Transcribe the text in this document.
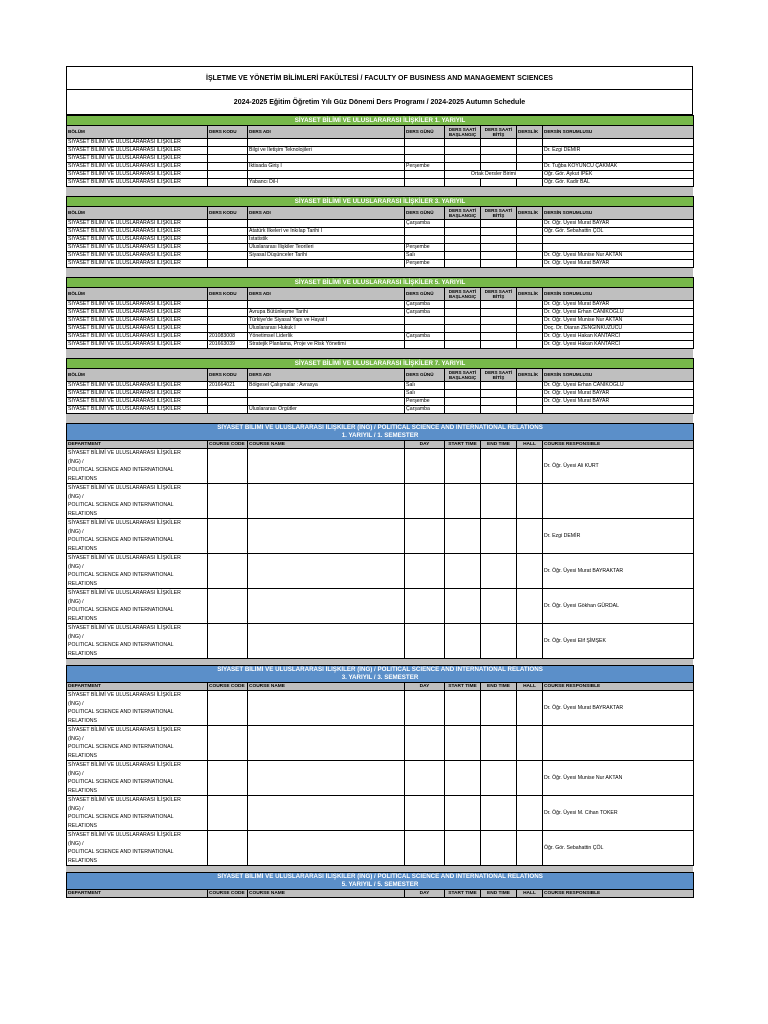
İŞLETME VE YÖNETİM BİLİMLERİ FAKÜLTESİ / FACULTY OF BUSINESS AND MANAGEMENT SCIENCES
2024-2025 Eğitim Öğretim Yılı Güz Dönemi Ders Programı / 2024-2025 Autumn Schedule
SİYASET BİLİMİ VE ULUSLARARASI İLİŞKİLER 1. YARIYIL							
BÖLÜM	DERS KODU	DERS ADI	DERS GÜNÜ	DERS SAATİ BAŞLANGIÇ	DERS SAATİ BİTİŞ	DERSLİK	DERSİN SORUMLUSU
SİYASET BİLİMİ VE ULUSLARARASI İLİŞKİLER							
SİYASET BİLİMİ VE ULUSLARARASI İLİŞKİLER		Bilgi ve İletişim Teknolojileri					Dr. Ezgi DEMİR
SİYASET BİLİMİ VE ULUSLARARASI İLİŞKİLER							
SİYASET BİLİMİ VE ULUSLARARASI İLİŞKİLER		İktisada Giriş I	Perşembe				Dr. Tuğba KOYUNCU ÇAKMAK
SİYASET BİLİMİ VE ULUSLARARASI İLİŞKİLER				Ortak Dersler Birimi			Öğr. Gör. Aykut İPEK
SİYASET BİLİMİ VE ULUSLARARASI İLİŞKİLER		Yabancı Dil-I					Öğr. Gör. Kadir BAL
SİYASET BİLİMİ VE ULUSLARARASI İLİŞKİLER 3. YARIYIL							
BÖLÜM	DERS KODU	DERS ADI	DERS GÜNÜ	DERS SAATİ BAŞLANGIÇ	DERS SAATİ BİTİŞ	DERSLİK	DERSİN SORUMLUSU
SİYASET BİLİMİ VE ULUSLARARASI İLİŞKİLER			Çarşamba				Dr. Öğr. Üyesi Murat BAYAR
SİYASET BİLİMİ VE ULUSLARARASI İLİŞKİLER		Atatürk İlkeleri ve İnkılap Tarihi I					Öğr. Gör. Sebahattin ÇÖL
SİYASET BİLİMİ VE ULUSLARARASI İLİŞKİLER		İstatistik					
SİYASET BİLİMİ VE ULUSLARARASI İLİŞKİLER		Uluslararası İlişkiler Teorileri	Perşembe				
SİYASET BİLİMİ VE ULUSLARARASI İLİŞKİLER		Siyasal Düşünceler Tarihi	Salı				Dr. Öğr. Üyesi Munise Nur AKTAN
SİYASET BİLİMİ VE ULUSLARARASI İLİŞKİLER			Perşembe				Dr. Öğr. Üyesi Murat BAYAR
SİYASET BİLİMİ VE ULUSLARARASI İLİŞKİLER 5. YARIYIL							
BÖLÜM	DERS KODU	DERS ADI	DERS GÜNÜ	DERS SAATİ BAŞLANGIÇ	DERS SAATİ BİTİŞ	DERSLİK	DERSİN SORUMLUSU
SİYASET BİLİMİ VE ULUSLARARASI İLİŞKİLER			Çarşamba				Dr. Öğr. Üyesi Murat BAYAR
SİYASET BİLİMİ VE ULUSLARARASI İLİŞKİLER		Avrupa Bütünleşme Tarihi	Çarşamba				Dr. Öğr. Üyesi Erhan CANİKOĞLU
SİYASET BİLİMİ VE ULUSLARARASI İLİŞKİLER		Türkiye'de Siyasal Yapı ve Hayat I					Dr. Öğr. Üyesi Munise Nur AKTAN
SİYASET BİLİMİ VE ULUSLARARASI İLİŞKİLER		Uluslararası Hukuk I					Doç. Dr. Diaran ZENGİNKUZUCU
SİYASET BİLİMİ VE ULUSLARARASI İLİŞKİLER	201083008	Yönetimsel Liderlik	Çarşamba				Dr. Öğr. Üyesi Hakan KANTARCI
SİYASET BİLİMİ VE ULUSLARARASI İLİŞKİLER	201663039	Stratejik Planlama, Proje ve Risk Yönetimi					Dr. Öğr. Üyesi Hakan KANTARCI
SİYASET BİLİMİ VE ULUSLARARASI İLİŞKİLER 7. YARIYIL							
BÖLÜM	DERS KODU	DERS ADI	DERS GÜNÜ	DERS SAATİ BAŞLANGIÇ	DERS SAATİ BİTİŞ	DERSLİK	DERSİN SORUMLUSU
SİYASET BİLİMİ VE ULUSLARARASI İLİŞKİLER	201664021	Bölgesel Çalışmalar : Avrasya	Salı				Dr. Öğr. Üyesi Erhan CANİKOĞLU
SİYASET BİLİMİ VE ULUSLARARASI İLİŞKİLER			Salı				Dr. Öğr. Üyesi Murat BAYAR
SİYASET BİLİMİ VE ULUSLARARASI İLİŞKİLER			Perşembe				Dr. Öğr. Üyesi Murat BAYAR
SİYASET BİLİMİ VE ULUSLARARASI İLİŞKİLER		Uluslararası Örgütler	Çarşamba				
SİYASET BİLİMİ VE ULUSLARARASI İLİŞKİLER (İNG) / POLITICAL SCIENCE AND INTERNATIONAL RELATIONS
1. YARIYIL / 1. SEMESTER							

DEPARTMENT	COURSE CODE	COURSE NAME	DAY	START TIME	END TIME	HALL	COURSE RESPONSIBLE

SİYASET BİLİMİ VE ULUSLARARASI İLİŞKİLER
(İNG) /
POLITICAL SCIENCE AND INTERNATIONAL
RELATIONS							Dr. Öğr. Üyesi Ali KURT

SİYASET BİLİMİ VE ULUSLARARASI İLİŞKİLER
(İNG) /
POLITICAL SCIENCE AND INTERNATIONAL
RELATIONS							

SİYASET BİLİMİ VE ULUSLARARASI İLİŞKİLER
(İNG) /
POLITICAL SCIENCE AND INTERNATIONAL
RELATIONS							Dr. Ezgi DEMİR

SİYASET BİLİMİ VE ULUSLARARASI İLİŞKİLER
(İNG) /
POLITICAL SCIENCE AND INTERNATIONAL
RELATIONS							Dr. Öğr. Üyesi Murat BAYRAKTAR

SİYASET BİLİMİ VE ULUSLARARASI İLİŞKİLER
(İNG) /
POLITICAL SCIENCE AND INTERNATIONAL
RELATIONS							Dr. Öğr. Üyesi Gökhan GÜRDAL

SİYASET BİLİMİ VE ULUSLARARASI İLİŞKİLER
(İNG) /
POLITICAL SCIENCE AND INTERNATIONAL
RELATIONS							Dr. Öğr. Üyesi Elif ŞİMŞEK
SİYASET BİLİMİ VE ULUSLARARASI İLİŞKİLER (İNG) / POLITICAL SCIENCE AND INTERNATIONAL RELATIONS
3. YARIYIL / 3. SEMESTER							

DEPARTMENT	COURSE CODE	COURSE NAME	DAY	START TIME	END TIME	HALL	COURSE RESPONSIBLE

SİYASET BİLİMİ VE ULUSLARARASI İLİŞKİLER
(İNG) /
POLITICAL SCIENCE AND INTERNATIONAL
RELATIONS							Dr. Öğr. Üyesi Murat BAYRAKTAR

SİYASET BİLİMİ VE ULUSLARARASI İLİŞKİLER
(İNG) /
POLITICAL SCIENCE AND INTERNATIONAL
RELATIONS							

SİYASET BİLİMİ VE ULUSLARARASI İLİŞKİLER
(İNG) /
POLITICAL SCIENCE AND INTERNATIONAL
RELATIONS							Dr. Öğr. Üyesi Munise Nur AKTAN

SİYASET BİLİMİ VE ULUSLARARASI İLİŞKİLER
(İNG) /
POLITICAL SCIENCE AND INTERNATIONAL
RELATIONS							Dr. Öğr. Üyesi M. Cihan TOKER

SİYASET BİLİMİ VE ULUSLARARASI İLİŞKİLER
(İNG) /
POLITICAL SCIENCE AND INTERNATIONAL
RELATIONS							Öğr. Gör. Sebahattin ÇÖL
SİYASET BİLİMİ VE ULUSLARARASI İLİŞKİLER (İNG) / POLITICAL SCIENCE AND INTERNATIONAL RELATIONS
5. YARIYIL / 5. SEMESTER

DEPARTMENT	COURSE CODE	COURSE NAME	DAY	START TIME	END TIME	HALL	COURSE RESPONSIBLE
